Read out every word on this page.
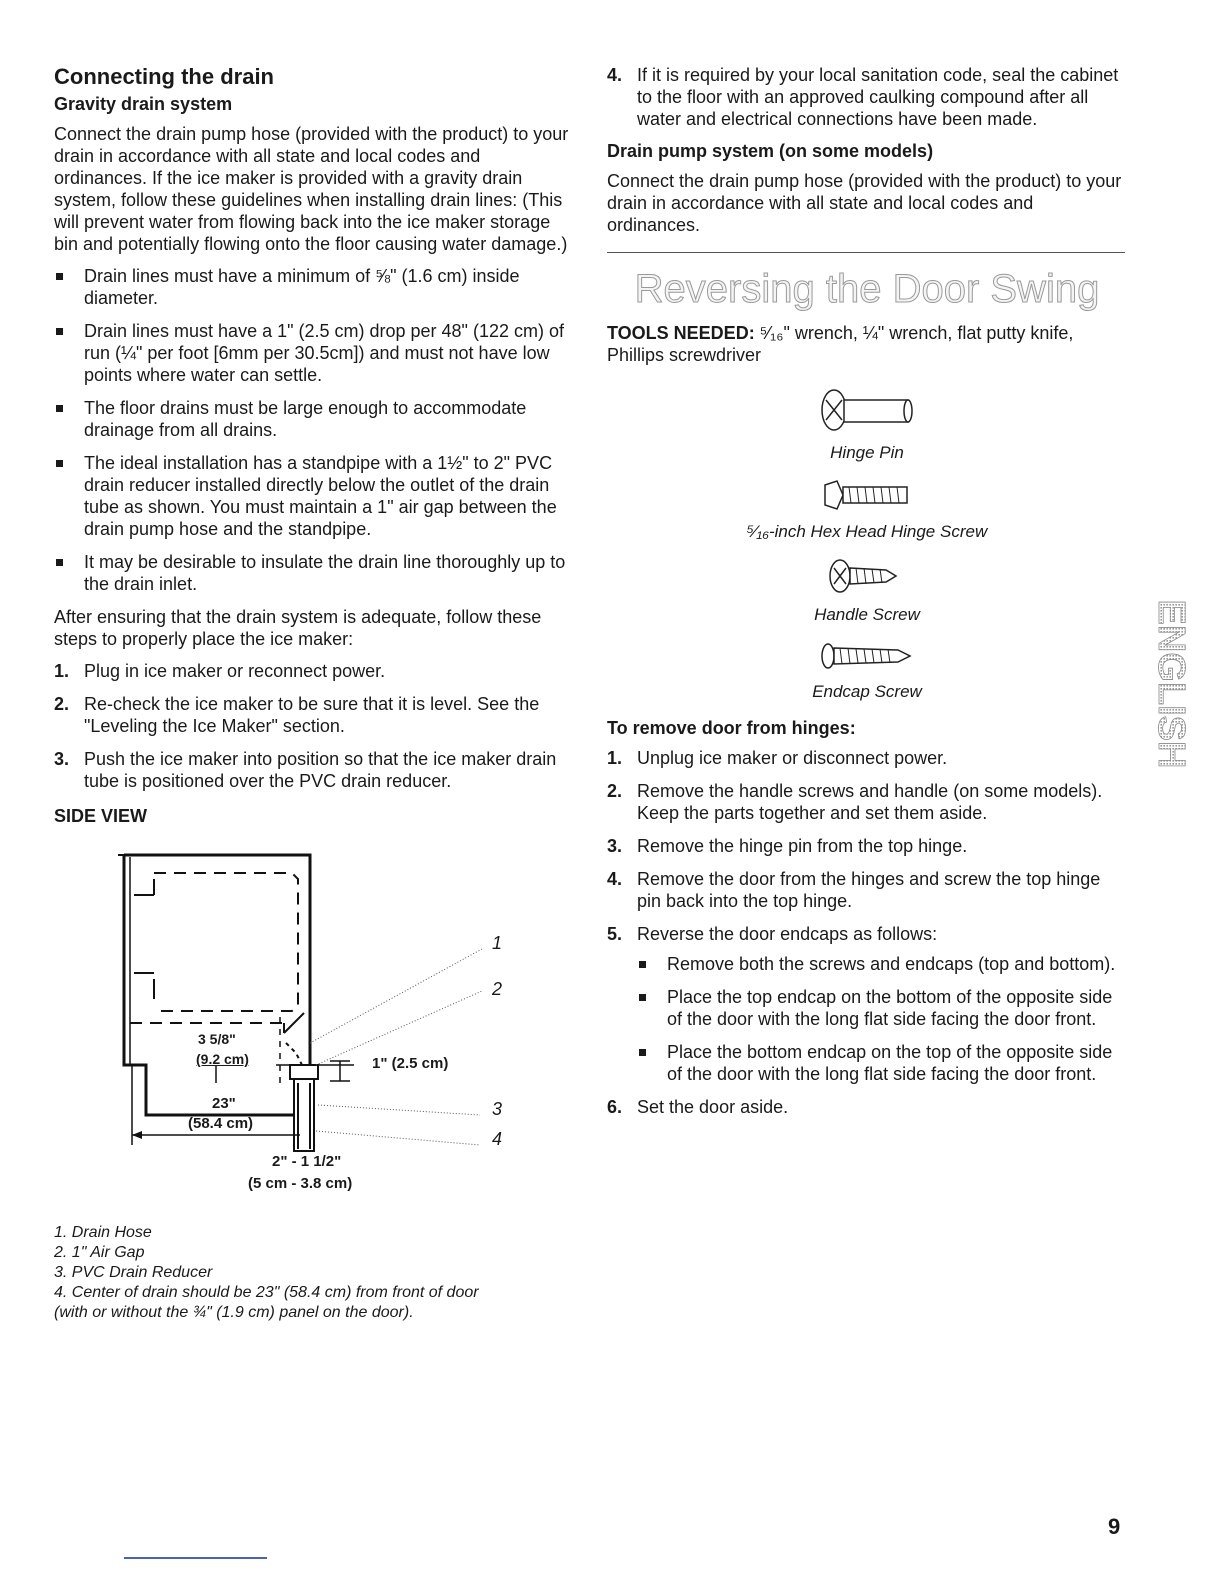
Connecting the drain
Gravity drain system

Connect the drain pump hose (provided with the product) to your drain in accordance with all state and local codes and ordinances. If the ice maker is provided with a gravity drain system, follow these guidelines when installing drain lines: (This will prevent water from flowing back into the ice maker storage bin and potentially flowing onto the floor causing water damage.)

Drain lines must have a minimum of ⅝" (1.6 cm) inside diameter.
Drain lines must have a 1" (2.5 cm) drop per 48" (122 cm) of run (¼" per foot [6mm per 30.5cm]) and must not have low points where water can settle.
The floor drains must be large enough to accommodate drainage from all drains.
The ideal installation has a standpipe with a 1½" to 2" PVC drain reducer installed directly below the outlet of the drain tube as shown. You must maintain a 1" air gap between the drain pump hose and the standpipe.
It may be desirable to insulate the drain line thoroughly up to the drain inlet.

After ensuring that the drain system is adequate, follow these steps to properly place the ice maker:

1. Plug in ice maker or reconnect power.
2. Re-check the ice maker to be sure that it is level. See the "Leveling the Ice Maker" section.
3. Push the ice maker into position so that the ice maker drain tube is positioned over the PVC drain reducer.
SIDE VIEW
1
2
3
4
3 5/8"
(9.2 cm)	1" (2.5 cm)
23"
(58.4 cm)
2" - 1 1/2"
(5 cm - 3.8 cm)
1. Drain Hose
2. 1" Air Gap
3. PVC Drain Reducer
4. Center of drain should be 23" (58.4 cm) from front of door (with or without the ¾" (1.9 cm) panel on the door).
4. If it is required by your local sanitation code, seal the cabinet to the floor with an approved caulking compound after all water and electrical connections have been made.
Drain pump system (on some models)

Connect the drain pump hose (provided with the product) to your drain in accordance with all state and local codes and ordinances.

Reversing the Door Swing
TOOLS NEEDED: ⁵⁄₁₆" wrench, ¼" wrench, flat putty knife, Phillips screwdriver
Hinge Pin
⁵⁄₁₆-inch Hex Head Hinge Screw
Handle Screw
Endcap Screw
To remove door from hinges:
1. Unplug ice maker or disconnect power.
2. Remove the handle screws and handle (on some models). Keep the parts together and set them aside.
3. Remove the hinge pin from the top hinge.
4. Remove the door from the hinges and screw the top hinge pin back into the top hinge.
5. Reverse the door endcaps as follows:
Remove both the screws and endcaps (top and bottom).
Place the top endcap on the bottom of the opposite side of the door with the long flat side facing the door front.
Place the bottom endcap on the top of the opposite side of the door with the long flat side facing the door front.
6. Set the door aside.
ENGLISH
9
